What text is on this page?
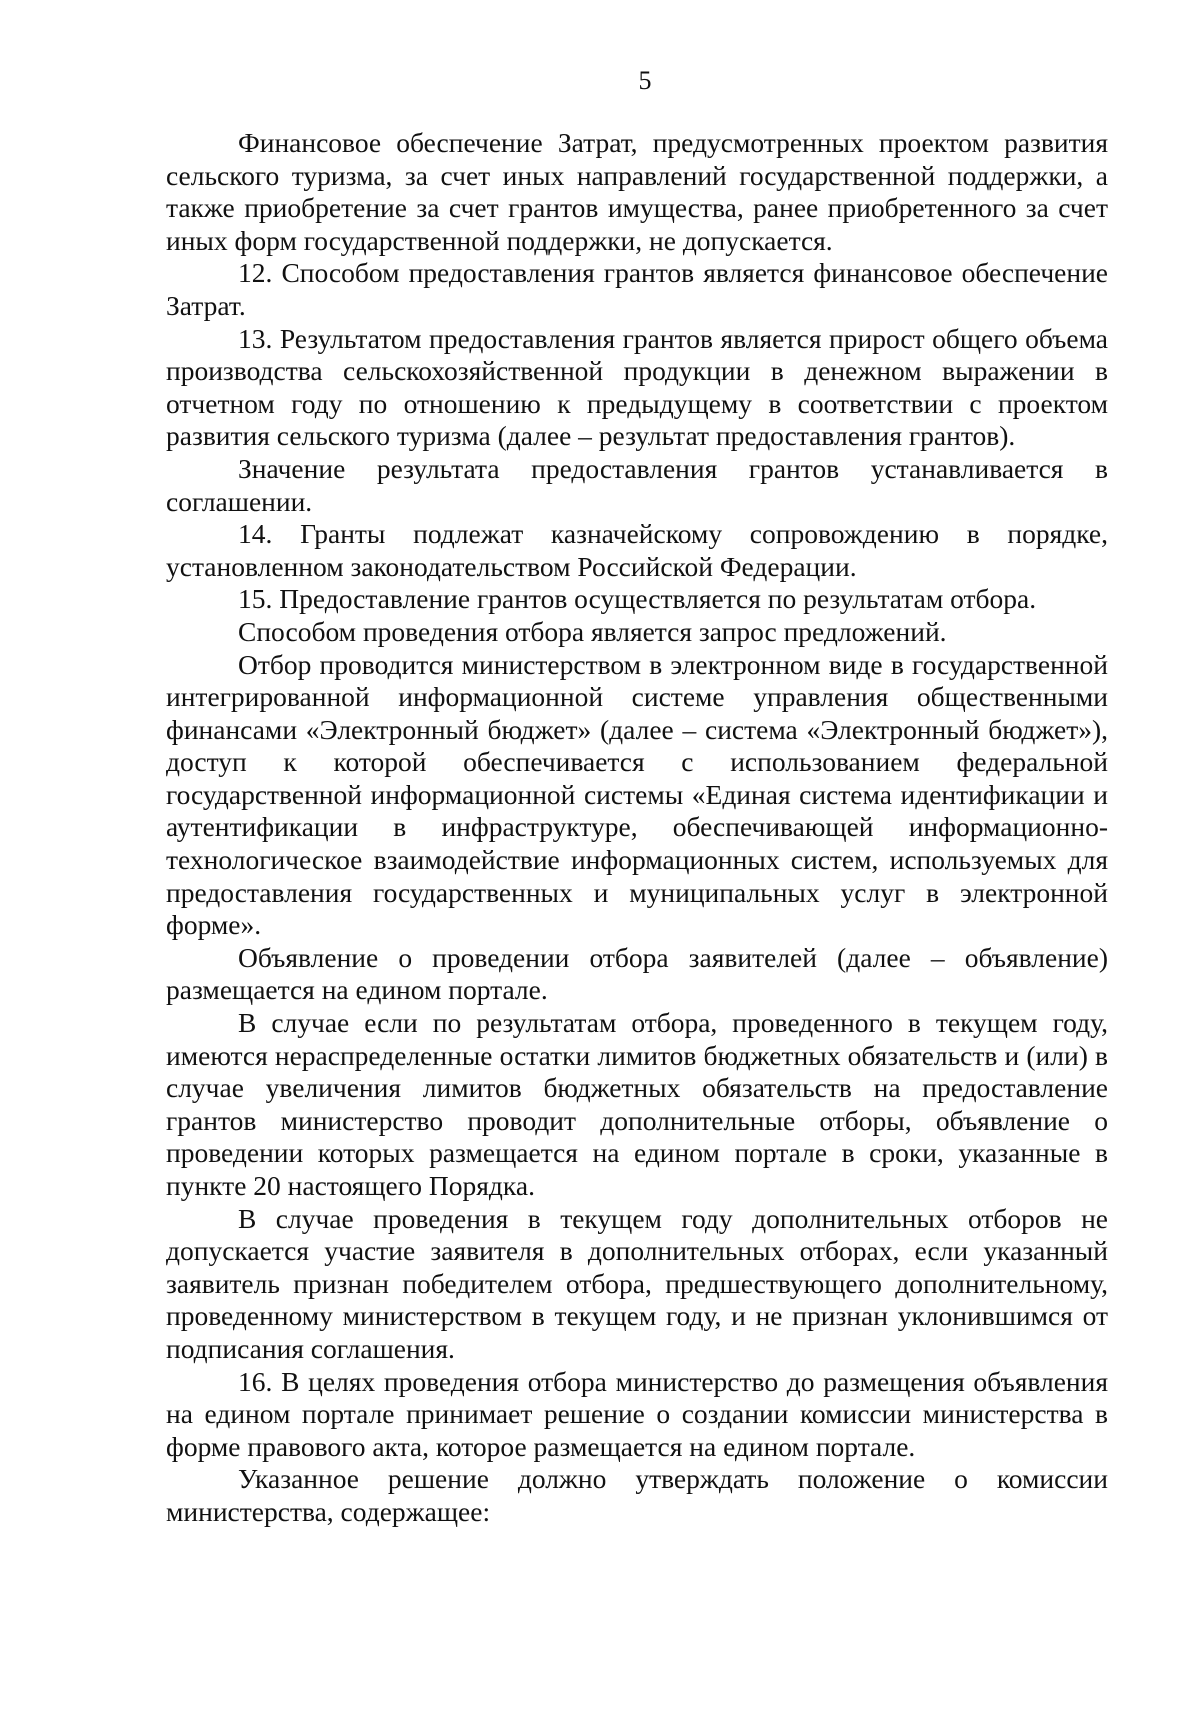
5

Финансовое обеспечение Затрат, предусмотренных проектом развития сельского туризма, за счет иных направлений государственной поддержки, а также приобретение за счет грантов имущества, ранее приобретенного за счет иных форм государственной поддержки, не допускается.

12. Способом предоставления грантов является финансовое обеспечение Затрат.

13. Результатом предоставления грантов является прирост общего объема производства сельскохозяйственной продукции в денежном выражении в отчетном году по отношению к предыдущему в соответствии с проектом развития сельского туризма (далее – результат предоставления грантов).

Значение результата предоставления грантов устанавливается в соглашении.

14. Гранты подлежат казначейскому сопровождению в порядке, установленном законодательством Российской Федерации.

15. Предоставление грантов осуществляется по результатам отбора.

Способом проведения отбора является запрос предложений.

Отбор проводится министерством в электронном виде в государственной интегрированной информационной системе управления общественными финансами «Электронный бюджет» (далее – система «Электронный бюджет»), доступ к которой обеспечивается с использованием федеральной государственной информационной системы «Единая система идентификации и аутентификации в инфраструктуре, обеспечивающей информационно-технологическое взаимодействие информационных систем, используемых для предоставления государственных и муниципальных услуг в электронной форме».

Объявление о проведении отбора заявителей (далее – объявление) размещается на едином портале.

В случае если по результатам отбора, проведенного в текущем году, имеются нераспределенные остатки лимитов бюджетных обязательств и (или) в случае увеличения лимитов бюджетных обязательств на предоставление грантов министерство проводит дополнительные отборы, объявление о проведении которых размещается на едином портале в сроки, указанные в пункте 20 настоящего Порядка.

В случае проведения в текущем году дополнительных отборов не допускается участие заявителя в дополнительных отборах, если указанный заявитель признан победителем отбора, предшествующего дополнительному, проведенному министерством в текущем году, и не признан уклонившимся от подписания соглашения.

16. В целях проведения отбора министерство до размещения объявления на едином портале принимает решение о создании комиссии министерства в форме правового акта, которое размещается на едином портале.

Указанное решение должно утверждать положение о комиссии министерства, содержащее:
